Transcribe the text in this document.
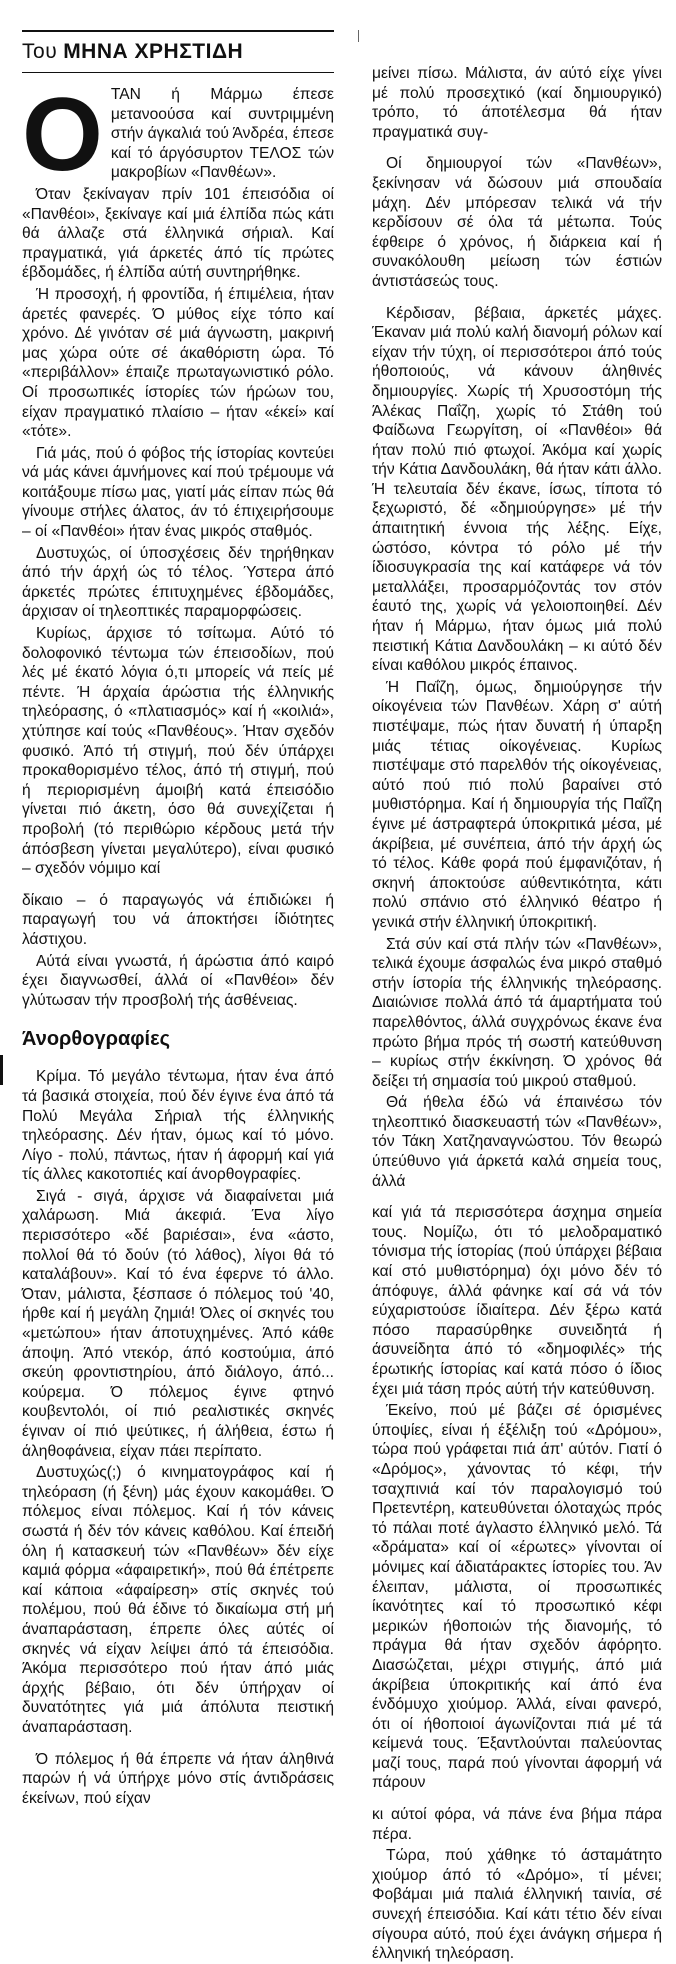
Του ΜΗΝΑ ΧΡΗΣΤΙΔΗ
Ο ΤΑΝ ή Μάρμω έπεσε μετανοούσα καί συντριμμένη στήν άγκαλιά τού Άνδρέα, έπεσε καί τό άργόσυρτον ΤΕΛΟΣ τών μακροβίων «Πανθέων».

Όταν ξεκίναγαν πρίν 101 έπεισόδια οί «Πανθέοι», ξεκίναγε καί μιά έλπίδα πώς κάτι θά άλλαζε στά έλληνικά σήριαλ. Καί πραγματικά, γιά άρκετές άπό τίς πρώτες έβδομάδες, ή έλπίδα αύτή συντηρήθηκε.

Ή προσοχή, ή φροντίδα, ή έπιμέλεια, ήταν άρετές φανερές. Ό μύθος είχε τόπο καί χρόνο. Δέ γινόταν σέ μιά άγνωστη, μακρινή μας χώρα ούτε σέ άκαθόριστη ώρα. Τό «περιβάλλον» έπαιζε πρωταγωνιστικό ρόλο. Οί προσωπικές ίστορίες τών ήρώων του, είχαν πραγματικό πλαίσιο – ήταν «έκεί» καί «τότε».

Γιά μάς, πού ό φόβος τής ίστορίας κοντεύει νά μάς κάνει άμνήμονες καί πού τρέμουμε νά κοιτάξουμε πίσω μας, γιατί μάς είπαν πώς θά γίνουμε στήλες άλατος, άν τό έπιχειρήσουμε – οί «Πανθέοι» ήταν ένας μικρός σταθμός.

Δυστυχώς, οί ύποσχέσεις δέν τηρήθηκαν άπό τήν άρχή ώς τό τέλος. Ύστερα άπό άρκετές πρώτες έπιτυχημένες έβδομάδες, άρχισαν οί τηλεοπτικές παραμορφώσεις.

Κυρίως, άρχισε τό τσίτωμα. Αύτό τό δολοφονικό τέντωμα τών έπεισοδίων, πού λές μέ έκατό λόγια ό,τι μπορείς νά πείς μέ πέντε. Ή άρχαία άρώστια τής έλληνικής τηλεόρασης, ό «πλατιασμός» καί ή «κοιλιά», χτύπησε καί τούς «Πανθέους». Ήταν σχεδόν φυσικό. Άπό τή στιγμή, πού δέν ύπάρχει προκαθορισμένο τέλος, άπό τή στιγμή, πού ή περιορισμένη άμοιβή κατά έπεισόδιο γίνεται πιό άκετη, όσο θά συνεχίζεται ή προβολή (τό περιθώριο κέρδους μετά τήν άπόσβεση γίνεται μεγαλύτερο), είναι φυσικό – σχεδόν νόμιμο καί

δίκαιο – ό παραγωγός νά έπιδιώκει ή παραγωγή του νά άποκτήσει ίδιότητες λάστιχου.

Αύτά είναι γνωστά, ή άρώστια άπό καιρό έχει διαγνωσθεί, άλλά οί «Πανθέοι» δέν γλύτωσαν τήν προσβολή τής άσθένειας.

Άνορθογραφίες

Κρίμα. Τό μεγάλο τέντωμα, ήταν ένα άπό τά βασικά στοιχεία, πού δέν έγινε ένα άπό τά Πολύ Μεγάλα Σήριαλ τής έλληνικής τηλεόρασης. Δέν ήταν, όμως καί τό μόνο. Λίγο - πολύ, πάντως, ήταν ή άφορμή καί γιά τίς άλλες κακοτοπιές καί άνορθογραφίες.

Σιγά - σιγά, άρχισε νά διαφαίνεται μιά χαλάρωση. Μιά άκεφιά. Ένα λίγο περισσότερο «δέ βαριέσαι», ένα «άστο, πολλοί θά τό δούν (τό λάθος), λίγοι θά τό καταλάβουν». Καί τό ένα έφερνε τό άλλο. Όταν, μάλιστα, ξέσπασε ό πόλεμος τού '40, ήρθε καί ή μεγάλη ζημιά! Όλες οί σκηνές του «μετώπου» ήταν άποτυχημένες. Άπό κάθε άποψη. Άπό ντεκόρ, άπό κοστούμια, άπό σκεύη φροντιστηρίου, άπό διάλογο, άπό... κούρεμα. Ό πόλεμος έγινε φτηνό κουβεντολόι, οί πιό ρεαλιστικές σκηνές έγιναν οί πιό ψεύτικες, ή άλήθεια, έστω ή άληθοφάνεια, είχαν πάει περίπατο.

Δυστυχώς(;) ό κινηματογράφος καί ή τηλεόραση (ή ξένη) μάς έχουν κακομάθει. Ό πόλεμος είναι πόλεμος. Καί ή τόν κάνεις σωστά ή δέν τόν κάνεις καθόλου. Καί έπειδή όλη ή κατασκευή τών «Πανθέων» δέν είχε καμιά φόρμα «άφαιρετική», πού θά έπέτρεπε καί κάποια «άφαίρεση» στίς σκηνές τού πολέμου, πού θά έδινε τό δικαίωμα στή μή άναπαράσταση, έπρεπε όλες αύτές οί σκηνές νά είχαν λείψει άπό τά έπεισόδια. Άκόμα περισσότερο πού ήταν άπό μιάς άρχής βέβαιο, ότι δέν ύπήρχαν οί δυνατότητες γιά μιά άπόλυτα πειστική άναπαράσταση.

Ό πόλεμος ή θά έπρεπε νά ήταν άληθινά παρών ή νά ύπήρχε μόνο στίς άντιδράσεις έκείνων, πού είχαν

μείνει πίσω. Μάλιστα, άν αύτό είχε γίνει μέ πολύ προσεχτικό (καί δημιουργικό) τρόπο, τό άποτέλεσμα θά ήταν πραγματικά συγ-

Οί δημιουργοί τών «Πανθέων», ξεκίνησαν νά δώσουν μιά σπουδαία μάχη. Δέν μπόρεσαν τελικά νά τήν κερδίσουν σέ όλα τά μέτωπα. Τούς έφθειρε ό χρόνος, ή διάρκεια καί ή συνακόλουθη μείωση τών έστιών άντιστάσεώς τους.

Κέρδισαν, βέβαια, άρκετές μάχες. Έκαναν μιά πολύ καλή διανομή ρόλων καί είχαν τήν τύχη, οί περισσότεροι άπό τούς ήθοποιούς, νά κάνουν άληθινές δημιουργίες. Χωρίς τή Χρυσοστόμη τής Άλέκας Παΐζη, χωρίς τό Στάθη τού Φαίδωνα Γεωργίτση, οί «Πανθέοι» θά ήταν πολύ πιό φτωχοί. Άκόμα καί χωρίς τήν Κάτια Δανδουλάκη, θά ήταν κάτι άλλο. Ή τελευταία δέν έκανε, ίσως, τίποτα τό ξεχωριστό, δέ «δημιούργησε» μέ τήν άπαιτητική έννοια τής λέξης. Είχε, ώστόσο, κόντρα τό ρόλο μέ τήν ίδιοσυγκρασία της καί κατάφερε νά τόν μεταλλάξει, προσαρμόζοντάς τον στόν έαυτό της, χωρίς νά γελοιοποιηθεί. Δέν ήταν ή Μάρμω, ήταν όμως μιά πολύ πειστική Κάτια Δανδουλάκη – κι αύτό δέν είναι καθόλου μικρός έπαινος.

Ή Παΐζη, όμως, δημιούργησε τήν οίκογένεια τών Πανθέων. Χάρη σ' αύτή πιστέψαμε, πώς ήταν δυνατή ή ύπαρξη μιάς τέτιας οίκογένειας. Κυρίως πιστέψαμε στό παρελθόν τής οίκογένειας, αύτό πού πιό πολύ βαραίνει στό μυθιστόρημα. Καί ή δημιουργία τής Παΐζη έγινε μέ άστραφτερά ύποκριτικά μέσα, μέ άκρίβεια, μέ συνέπεια, άπό τήν άρχή ώς τό τέλος. Κάθε φορά πού έμφανιζόταν, ή σκηνή άποκτούσε αύθεντικότητα, κάτι πολύ σπάνιο στό έλληνικό θέατρο ή γενικά στήν έλληνική ύποκριτική.

Στά σύν καί στά πλήν τών «Πανθέων», τελικά έχουμε άσφαλώς ένα μικρό σταθμό στήν ίστορία τής έλληνικής τηλεόρασης. Διαιώνισε πολλά άπό τά άμαρτήματα τού παρελθόντος, άλλά συγχρόνως έκανε ένα πρώτο βήμα πρός τή σωστή κατεύθυνση – κυρίως στήν έκκίνηση. Ό χρόνος θά δείξει τή σημασία τού μικρού σταθμού.

Θά ήθελα έδώ νά έπαινέσω τόν τηλεοπτικό διασκευαστή τών «Πανθέων», τόν Τάκη Χατζηαναγνώστου. Τόν θεωρώ ύπεύθυνο γιά άρκετά καλά σημεία τους, άλλά

καί γιά τά περισσότερα άσχημα σημεία τους. Νομίζω, ότι τό μελοδραματικό τόνισμα τής ίστορίας (πού ύπάρχει βέβαια καί στό μυθιστόρημα) όχι μόνο δέν τό άπόφυγε, άλλά φάνηκε καί σά νά τόν εύχαριστούσε ίδιαίτερα. Δέν ξέρω κατά πόσο παρασύρθηκε συνειδητά ή άσυνείδητα άπό τό «δημοφιλές» τής έρωτικής ίστορίας καί κατά πόσο ό ίδιος έχει μιά τάση πρός αύτή τήν κατεύθυνση.

Έκείνο, πού μέ βάζει σέ όρισμένες ύποψίες, είναι ή έξέλιξη τού «Δρόμου», τώρα πού γράφεται πιά άπ' αύτόν. Γιατί ό «Δρόμος», χάνοντας τό κέφι, τήν τσαχπινιά καί τόν παραλογισμό τού Πρετεντέρη, κατευθύνεται όλοταχώς πρός τό πάλαι ποτέ άγλαστο έλληνικό μελό. Τά «δράματα» καί οί «έρωτες» γίνονται οί μόνιμες καί άδιατάρακτες ίστορίες του. Άν έλειπαν, μάλιστα, οί προσωπικές ίκανότητες καί τό προσωπικό κέφι μερικών ήθοποιών τής διανομής, τό πράγμα θά ήταν σχεδόν άφόρητο. Διασώζεται, μέχρι στιγμής, άπό μιά άκρίβεια ύποκριτικής καί άπό ένα ένδόμυχο χιούμορ. Άλλά, είναι φανερό, ότι οί ήθοποιοί άγωνίζονται πιά μέ τά κείμενά τους. Έξαντλούνται παλεύοντας μαζί τους, παρά πού γίνονται άφορμή νά πάρουν

κι αύτοί φόρα, νά πάνε ένα βήμα πάρα πέρα.

Τώρα, πού χάθηκε τό άσταμάτητο χιούμορ άπό τό «Δρόμο», τί μένει; Φοβάμαι μιά παλιά έλληνική ταινία, σέ συνεχή έπεισόδια. Καί κάτι τέτιο δέν είναι σίγουρα αύτό, πού έχει άνάγκη σήμερα ή έλληνική τηλεόραση.
